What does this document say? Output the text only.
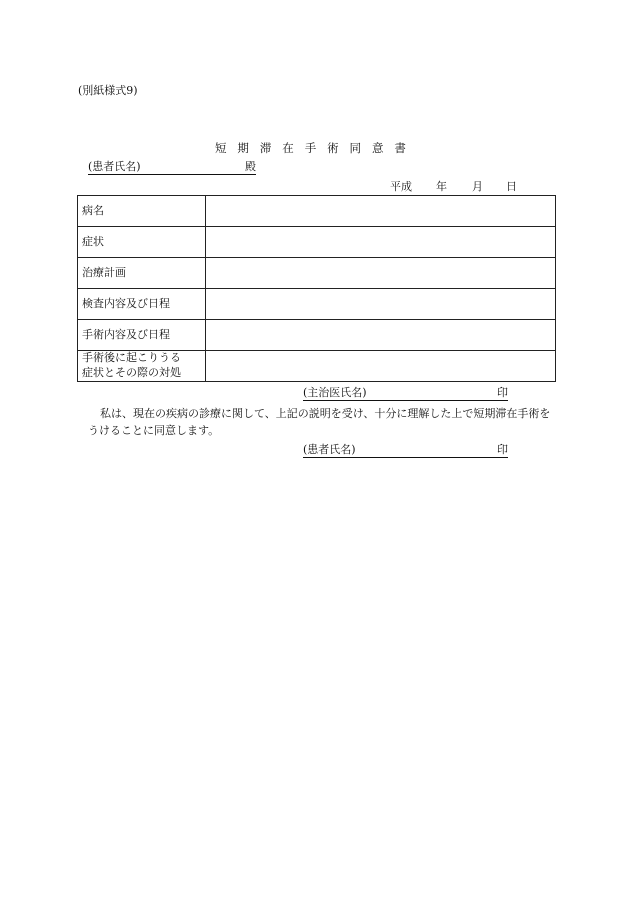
(別紙様式9)
短期滞在手術同意書
(患者氏名)	殿
平成	年	月	日
病名	
症状	
治療計画	
検査内容及び日程	
手術内容及び日程	

手術後に起こりうる
症状とその際の対処	

(主治医氏名)	印
私は、現在の疾病の診療に関して、上記の説明を受け、十分に理解した上で短期滞在手術をうけることに同意します。
(患者氏名)	印
